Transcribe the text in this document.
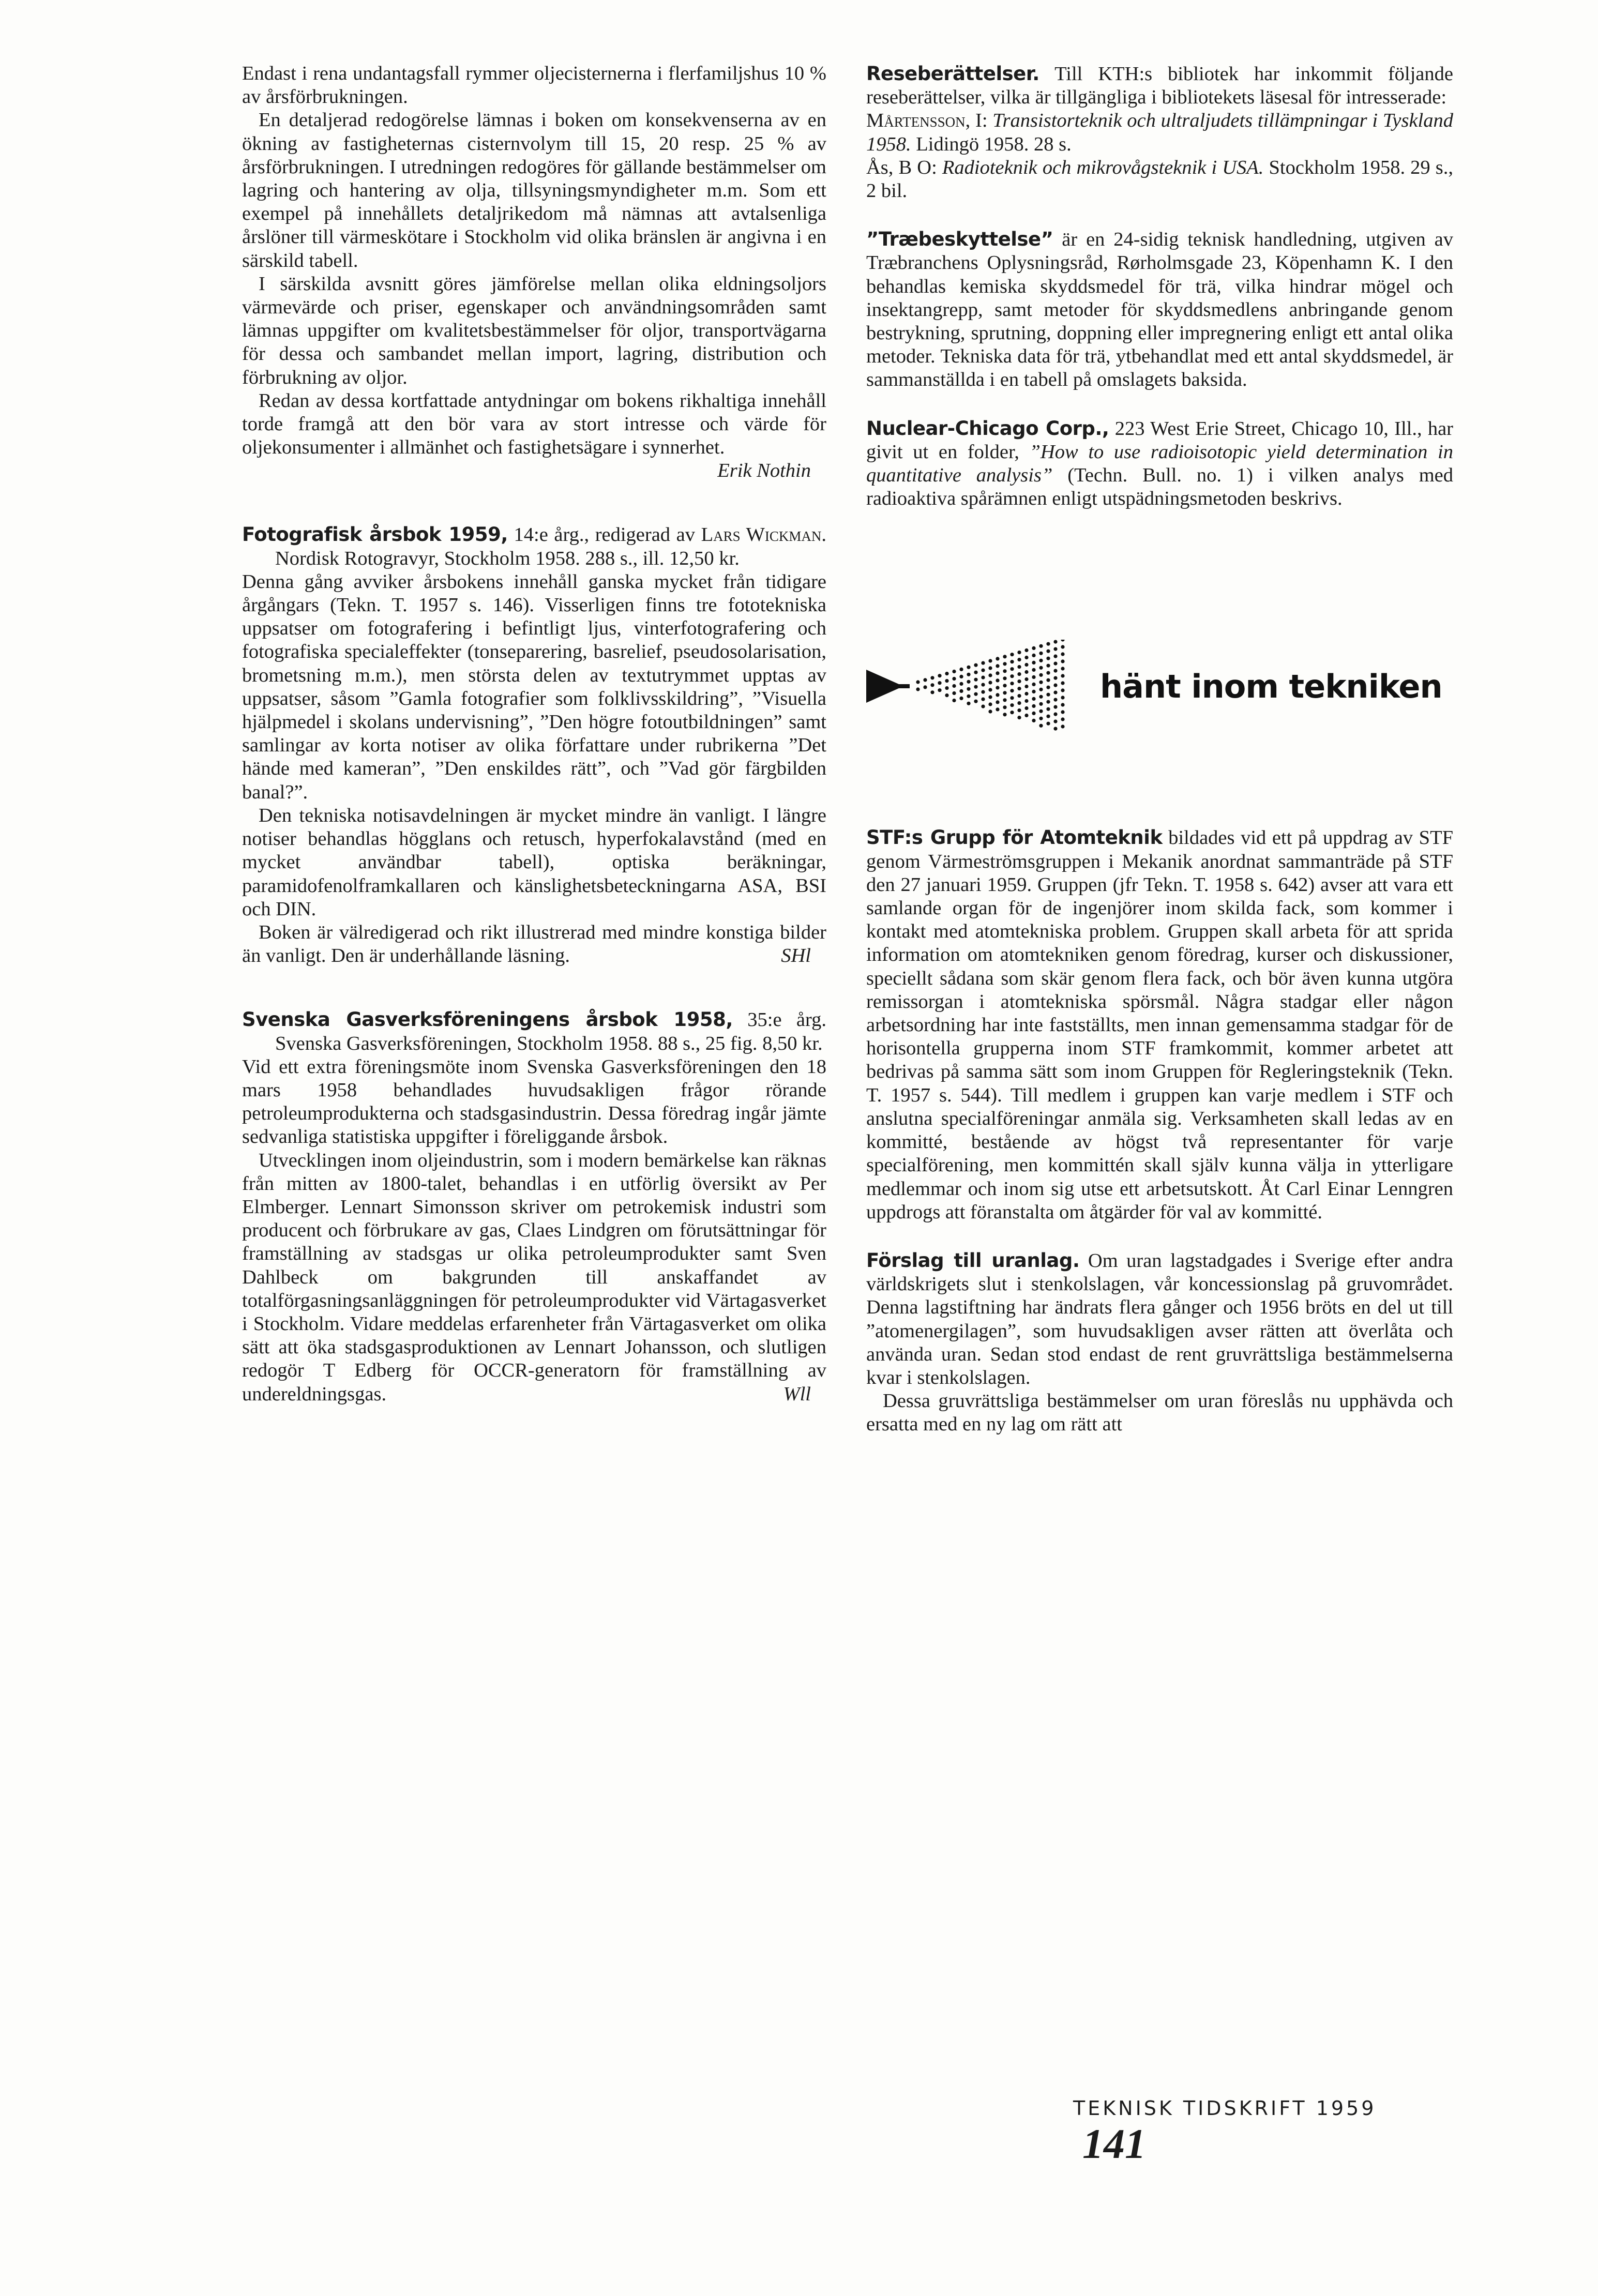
Endast i rena undantagsfall rymmer oljecisternerna i flerfamiljshus 10 % av årsförbrukningen.

En detaljerad redogörelse lämnas i boken om konsekvenserna av en ökning av fastigheternas cisternvolym till 15, 20 resp. 25 % av årsförbrukningen. I utredningen redogöres för gällande bestämmelser om lagring och hantering av olja, tillsyningsmyndigheter m.m. Som ett exempel på innehållets detaljrikedom må nämnas att avtalsenliga årslöner till värmeskötare i Stockholm vid olika bränslen är angivna i en särskild tabell.

I särskilda avsnitt göres jämförelse mellan olika eldningsoljors värmevärde och priser, egenskaper och användningsområden samt lämnas uppgifter om kvalitetsbestämmelser för oljor, transportvägarna för dessa och sambandet mellan import, lagring, distribution och förbrukning av oljor.

Redan av dessa kortfattade antydningar om bokens rikhaltiga innehåll torde framgå att den bör vara av stort intresse och värde för oljekonsumenter i allmänhet och fastighetsägare i synnerhet.

Erik Nothin

Fotografisk årsbok 1959, 14:e årg., redigerad av Lars Wickman. Nordisk Rotogravyr, Stockholm 1958. 288 s., ill. 12,50 kr.

Denna gång avviker årsbokens innehåll ganska mycket från tidigare årgångars (Tekn. T. 1957 s. 146). Visserligen finns tre fototekniska uppsatser om fotografering i befintligt ljus, vinterfotografering och fotografiska specialeffekter (tonseparering, basrelief, pseudosolarisation, brometsning m.m.), men största delen av textutrymmet upptas av uppsatser, såsom ”Gamla fotografier som folklivsskildring”, ”Visuella hjälpmedel i skolans undervisning”, ”Den högre fotoutbildningen” samt samlingar av korta notiser av olika författare under rubrikerna ”Det hände med kameran”, ”Den enskildes rätt”, och ”Vad gör färgbilden banal?”.

Den tekniska notisavdelningen är mycket mindre än vanligt. I längre notiser behandlas högglans och retusch, hyperfokalavstånd (med en mycket användbar tabell), optiska beräkningar, paramidofenolframkallaren och känslighetsbeteckningarna ASA, BSI och DIN.

Boken är välredigerad och rikt illustrerad med mindre konstiga bilder än vanligt. Den är underhållande läsning.	SHl

Svenska Gasverksföreningens årsbok 1958, 35:e årg. Svenska Gasverksföreningen, Stockholm 1958. 88 s., 25 fig. 8,50 kr.

Vid ett extra föreningsmöte inom Svenska Gasverksföreningen den 18 mars 1958 behandlades huvudsakligen frågor rörande petroleumprodukterna och stadsgasindustrin. Dessa föredrag ingår jämte sedvanliga statistiska uppgifter i föreliggande årsbok.

Utvecklingen inom oljeindustrin, som i modern bemärkelse kan räknas från mitten av 1800-talet, behandlas i en utförlig översikt av Per Elmberger. Lennart Simonsson skriver om petrokemisk industri som producent och förbrukare av gas, Claes Lindgren om förutsättningar för framställning av stadsgas ur olika petroleumprodukter samt Sven Dahlbeck om bakgrunden till anskaffandet av totalförgasningsanläggningen för petroleumprodukter vid Värtagasverket i Stockholm. Vidare meddelas erfarenheter från Värtagasverket om olika sätt att öka stadsgasproduktionen av Lennart Johansson, och slutligen redogör T Edberg för OCCR-generatorn för framställning av undereldningsgas.	Wll

Reseberättelser. Till KTH:s bibliotek har inkommit följande reseberättelser, vilka är tillgängliga i bibliotekets läsesal för intresserade:
Mårtensson, I: Transistorteknik och ultraljudets tillämpningar i Tyskland 1958. Lidingö 1958. 28 s.
Ås, B O: Radioteknik och mikrovågsteknik i USA. Stockholm 1958. 29 s., 2 bil.

”Træbeskyttelse” är en 24-sidig teknisk handledning, utgiven av Træbranchens Oplysningsråd, Rørholmsgade 23, Köpenhamn K. I den behandlas kemiska skyddsmedel för trä, vilka hindrar mögel och insektangrepp, samt metoder för skyddsmedlens anbringande genom bestrykning, sprutning, doppning eller impregnering enligt ett antal olika metoder. Tekniska data för trä, ytbehandlat med ett antal skyddsmedel, är sammanställda i en tabell på omslagets baksida.

Nuclear-Chicago Corp., 223 West Erie Street, Chicago 10, Ill., har givit ut en folder, ”How to use radioisotopic yield determination in quantitative analysis” (Techn. Bull. no. 1) i vilken analys med radioaktiva spårämnen enligt utspädningsmetoden beskrivs.

hänt inom tekniken

STF:s Grupp för Atomteknik bildades vid ett på uppdrag av STF genom Värmeströmsgruppen i Mekanik anordnat sammanträde på STF den 27 januari 1959. Gruppen (jfr Tekn. T. 1958 s. 642) avser att vara ett samlande organ för de ingenjörer inom skilda fack, som kommer i kontakt med atomtekniska problem. Gruppen skall arbeta för att sprida information om atomtekniken genom föredrag, kurser och diskussioner, speciellt sådana som skär genom flera fack, och bör även kunna utgöra remissorgan i atomtekniska spörsmål. Några stadgar eller någon arbetsordning har inte fastställts, men innan gemensamma stadgar för de horisontella grupperna inom STF framkommit, kommer arbetet att bedrivas på samma sätt som inom Gruppen för Regleringsteknik (Tekn. T. 1957 s. 544). Till medlem i gruppen kan varje medlem i STF och anslutna specialföreningar anmäla sig. Verksamheten skall ledas av en kommitté, bestående av högst två representanter för varje specialförening, men kommittén skall själv kunna välja in ytterligare medlemmar och inom sig utse ett arbetsutskott. Åt Carl Einar Lenngren uppdrogs att föranstalta om åtgärder för val av kommitté.

Förslag till uranlag. Om uran lagstadgades i Sverige efter andra världskrigets slut i stenkolslagen, vår koncessionslag på gruvområdet. Denna lagstiftning har ändrats flera gånger och 1956 bröts en del ut till ”atomenergilagen”, som huvudsakligen avser rätten att överlåta och använda uran. Sedan stod endast de rent gruvrättsliga bestämmelserna kvar i stenkolslagen.

Dessa gruvrättsliga bestämmelser om uran föreslås nu upphävda och ersatta med en ny lag om rätt att

TEKNISK TIDSKRIFT 1959 141
